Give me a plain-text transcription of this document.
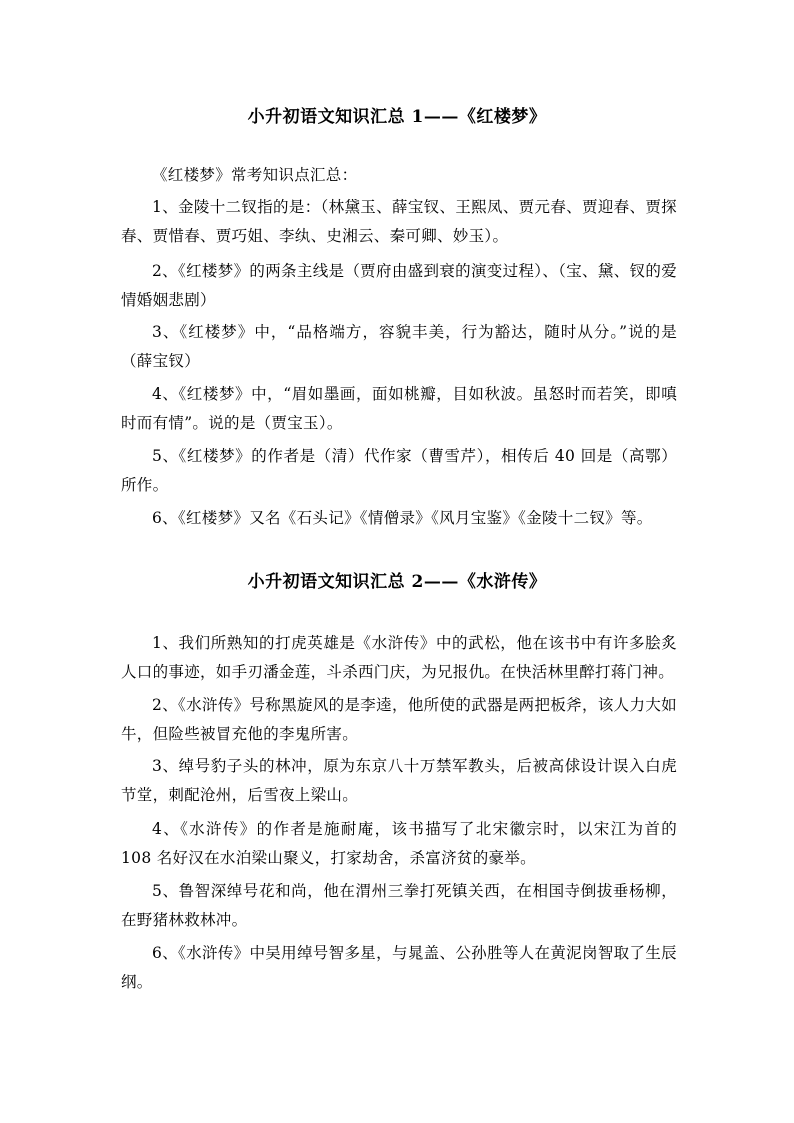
小升初语文知识汇总 1——《红楼梦》

《红楼梦》常考知识点汇总：

1、金陵十二钗指的是：（林黛玉、薛宝钗、王熙凤、贾元春、贾迎春、贾探春、贾惜春、贾巧姐、李纨、史湘云、秦可卿、妙玉）。

2、《红楼梦》的两条主线是（贾府由盛到衰的演变过程）、（宝、黛、钗的爱情婚姻悲剧）

3、《红楼梦》中，“品格端方，容貌丰美，行为豁达，随时从分。”说的是（薛宝钗）

4、《红楼梦》中，“眉如墨画，面如桃瓣，目如秋波。虽怒时而若笑，即嗔时而有情”。说的是（贾宝玉）。

5、《红楼梦》的作者是（清）代作家（曹雪芹），相传后 40 回是（高鄂）所作。

6、《红楼梦》又名《石头记》《情僧录》《风月宝鉴》《金陵十二钗》等。

小升初语文知识汇总 2——《水浒传》

1、我们所熟知的打虎英雄是《水浒传》中的武松，他在该书中有许多脍炙人口的事迹，如手刃潘金莲，斗杀西门庆，为兄报仇。在快活林里醉打蒋门神。

2、《水浒传》号称黑旋风的是李逵，他所使的武器是两把板斧，该人力大如牛，但险些被冒充他的李鬼所害。

3、绰号豹子头的林冲，原为东京八十万禁军教头，后被高俅设计误入白虎节堂，刺配沧州，后雪夜上梁山。

4、《水浒传》的作者是施耐庵，该书描写了北宋徽宗时，以宋江为首的 108 名好汉在水泊梁山聚义，打家劫舍，杀富济贫的豪举。

5、鲁智深绰号花和尚，他在渭州三拳打死镇关西，在相国寺倒拔垂杨柳，在野猪林救林冲。

6、《水浒传》中吴用绰号智多星，与晁盖、公孙胜等人在黄泥岗智取了生辰纲。
